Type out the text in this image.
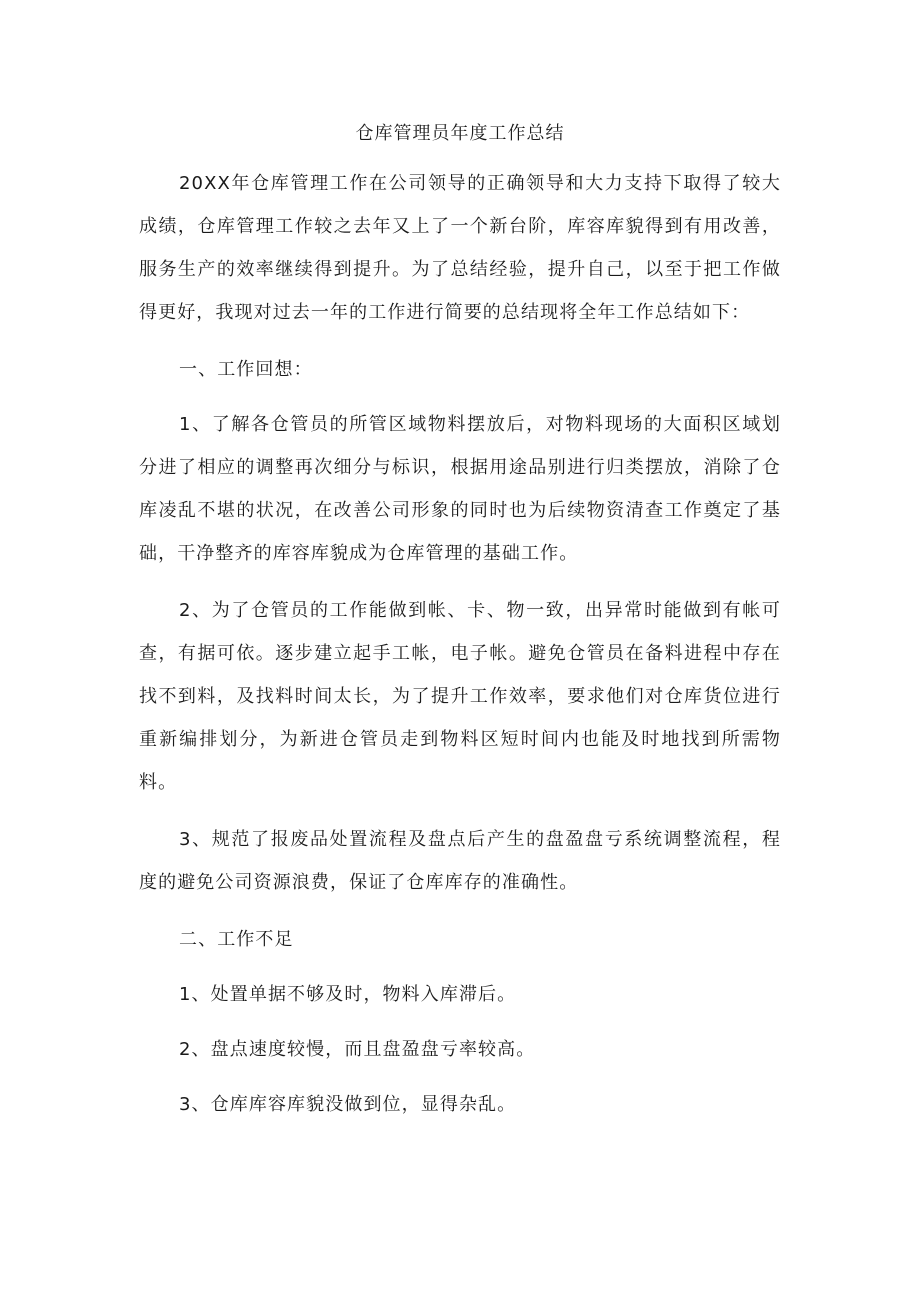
仓库管理员年度工作总结

20XX年仓库管理工作在公司领导的正确领导和大力支持下取得了较大成绩，仓库管理工作较之去年又上了一个新台阶，库容库貌得到有用改善，服务生产的效率继续得到提升。为了总结经验，提升自己，以至于把工作做得更好，我现对过去一年的工作进行简要的总结现将全年工作总结如下：

一、工作回想：

1、了解各仓管员的所管区域物料摆放后，对物料现场的大面积区域划分进了相应的调整再次细分与标识，根据用途品别进行归类摆放，消除了仓库凌乱不堪的状况，在改善公司形象的同时也为后续物资清查工作奠定了基础，干净整齐的库容库貌成为仓库管理的基础工作。

2、为了仓管员的工作能做到帐、卡、物一致，出异常时能做到有帐可查，有据可依。逐步建立起手工帐，电子帐。避免仓管员在备料进程中存在找不到料，及找料时间太长，为了提升工作效率，要求他们对仓库货位进行重新编排划分，为新进仓管员走到物料区短时间内也能及时地找到所需物料。

3、规范了报废品处置流程及盘点后产生的盘盈盘亏系统调整流程，程度的避免公司资源浪费，保证了仓库库存的准确性。

二、工作不足

1、处置单据不够及时，物料入库滞后。

2、盘点速度较慢，而且盘盈盘亏率较高。

3、仓库库容库貌没做到位，显得杂乱。
